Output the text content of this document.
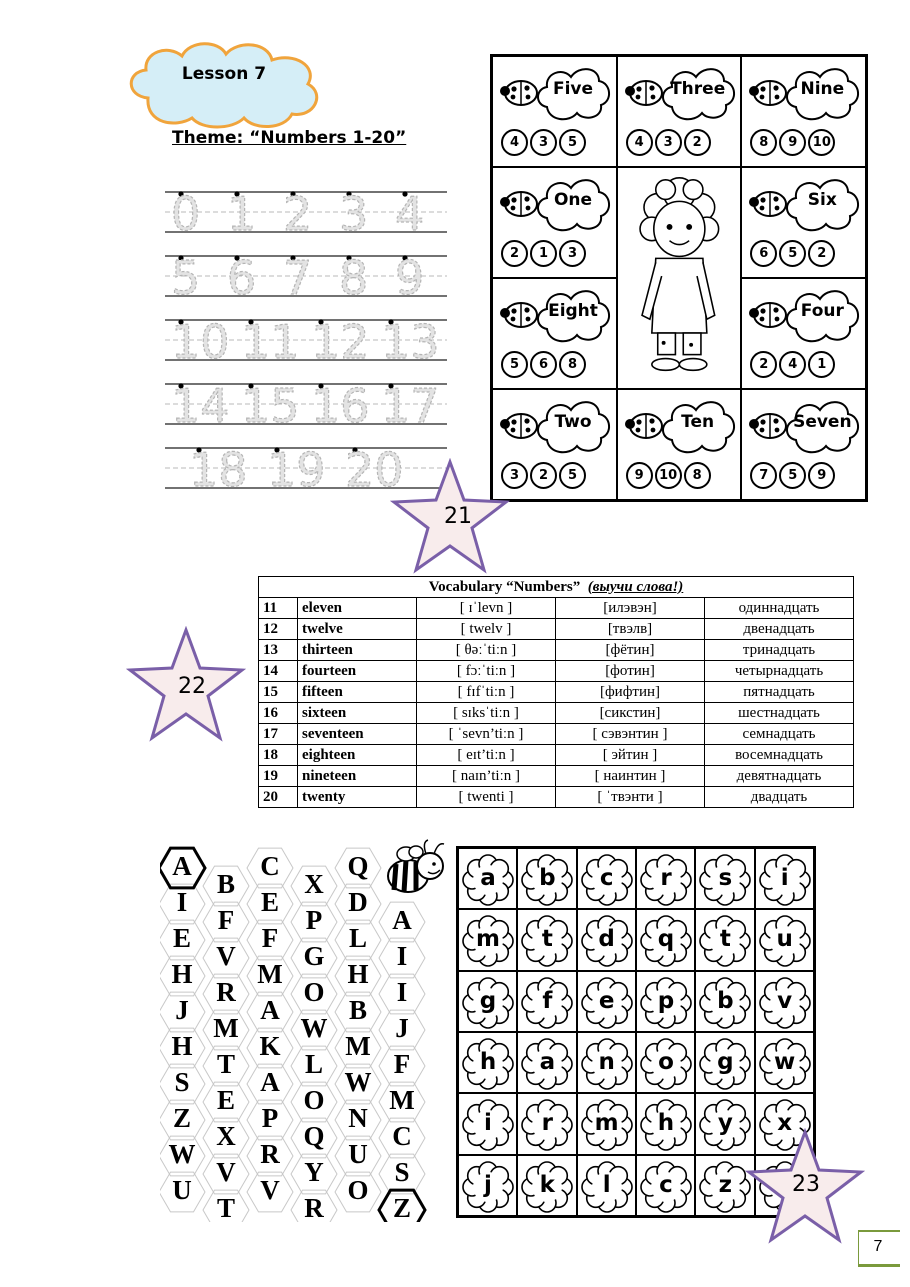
Lesson 7
Theme: “Numbers 1-20”
0 1 2 3 4
5 6 7 8 9
10 11 12 13
14 15 16 17
18 19 20
Five
4	3	5
Three
4	3	2
Nine
8	9	10
One
2	1	3
Six
6	5	2
Eight
5	6	8
Four
2	4	1
Two
3	2	5
Ten
9	10	8
Seven
7	5	9
21
22
Vocabulary “Numbers” (выучи слова!)				
11	eleven	[ ɪˈlevn ]	[илэвэн]	одиннадцать
12	twelve	[ twelv ]	[твэлв]	двенадцать
13	thirteen	[ θəːˈtiːn ]	[фётин]	тринадцать
14	fourteen	[ fɔːˈtiːn ]	[фотин]	четырнадцать
15	fifteen	[ fɪfˈtiːn ]	[фифтин]	пятнадцать
16	sixteen	[ sɪksˈtiːn ]	[сикстин]	шестнадцать
17	seventeen	[ ˈsevn’tiːn ]	[ сэвэнтин ]	семнадцать
18	eighteen	[ eɪt’tiːn ]	[ эйтин ]	восемнадцать
19	nineteen	[ naɪn’tiːn ]	[ наинтин ]	девятнадцать
20	twenty	[ twenti ]	[ ˈтвэнти ]	двадцать
A	C	Q
B	X
I	E	D
F	P	A
E	F	L
V	G	I
H	M	H
R	O	I
J	A	B
M W	J
H	K	M
T	L	F
S	A	W
E	O	M
Z	P	N
X	Q	C
W	R	U
V	Y	S
U	V	O
T	R	Z
a	b	c	r	s	i
m	t	d	q	t	u
g	f	e	p	b	v
h	a	n	o	g	w
i	r	m	h	y	x
j	k	l	c	z	23
7
